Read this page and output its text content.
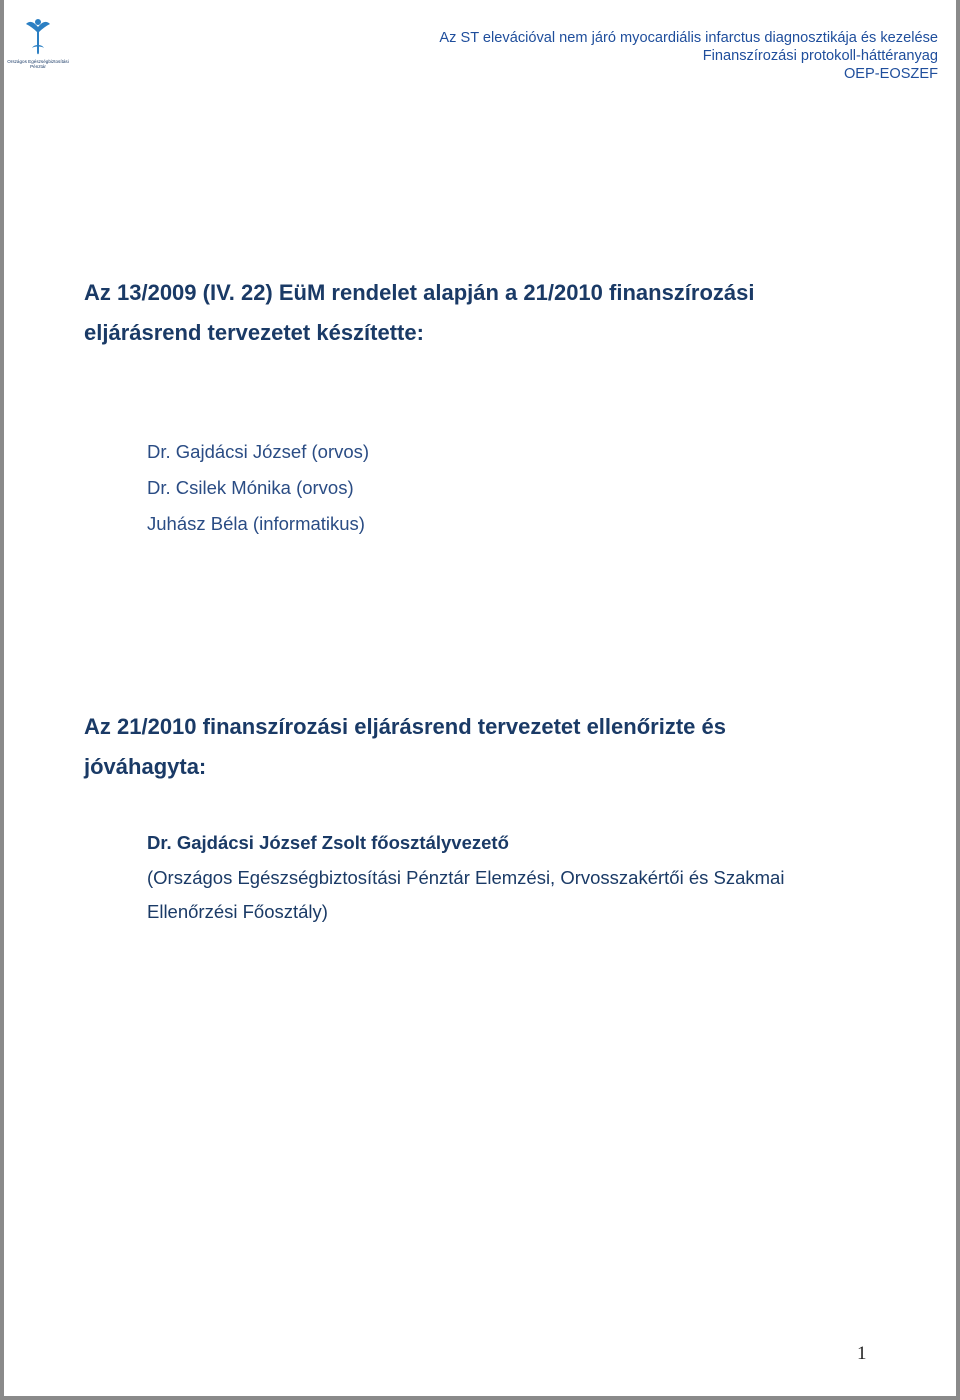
Országos Egészségbiztosítási Pénztár
Az ST elevációval nem járó myocardiális infarctus diagnosztikája és kezelése
Finanszírozási protokoll-háttéranyag
OEP-EOSZEF
Az 13/2009 (IV. 22) EüM rendelet alapján a 21/2010 finanszírozási
eljárásrend tervezetet készítette:
Dr. Gajdácsi József (orvos)
Dr. Csilek Mónika (orvos)
Juhász Béla (informatikus)
Az 21/2010 finanszírozási eljárásrend tervezetet ellenőrizte és
jóváhagyta:
Dr. Gajdácsi József Zsolt főosztályvezető
(Országos Egészségbiztosítási Pénztár Elemzési, Orvosszakértői és Szakmai
Ellenőrzési Főosztály)
1
